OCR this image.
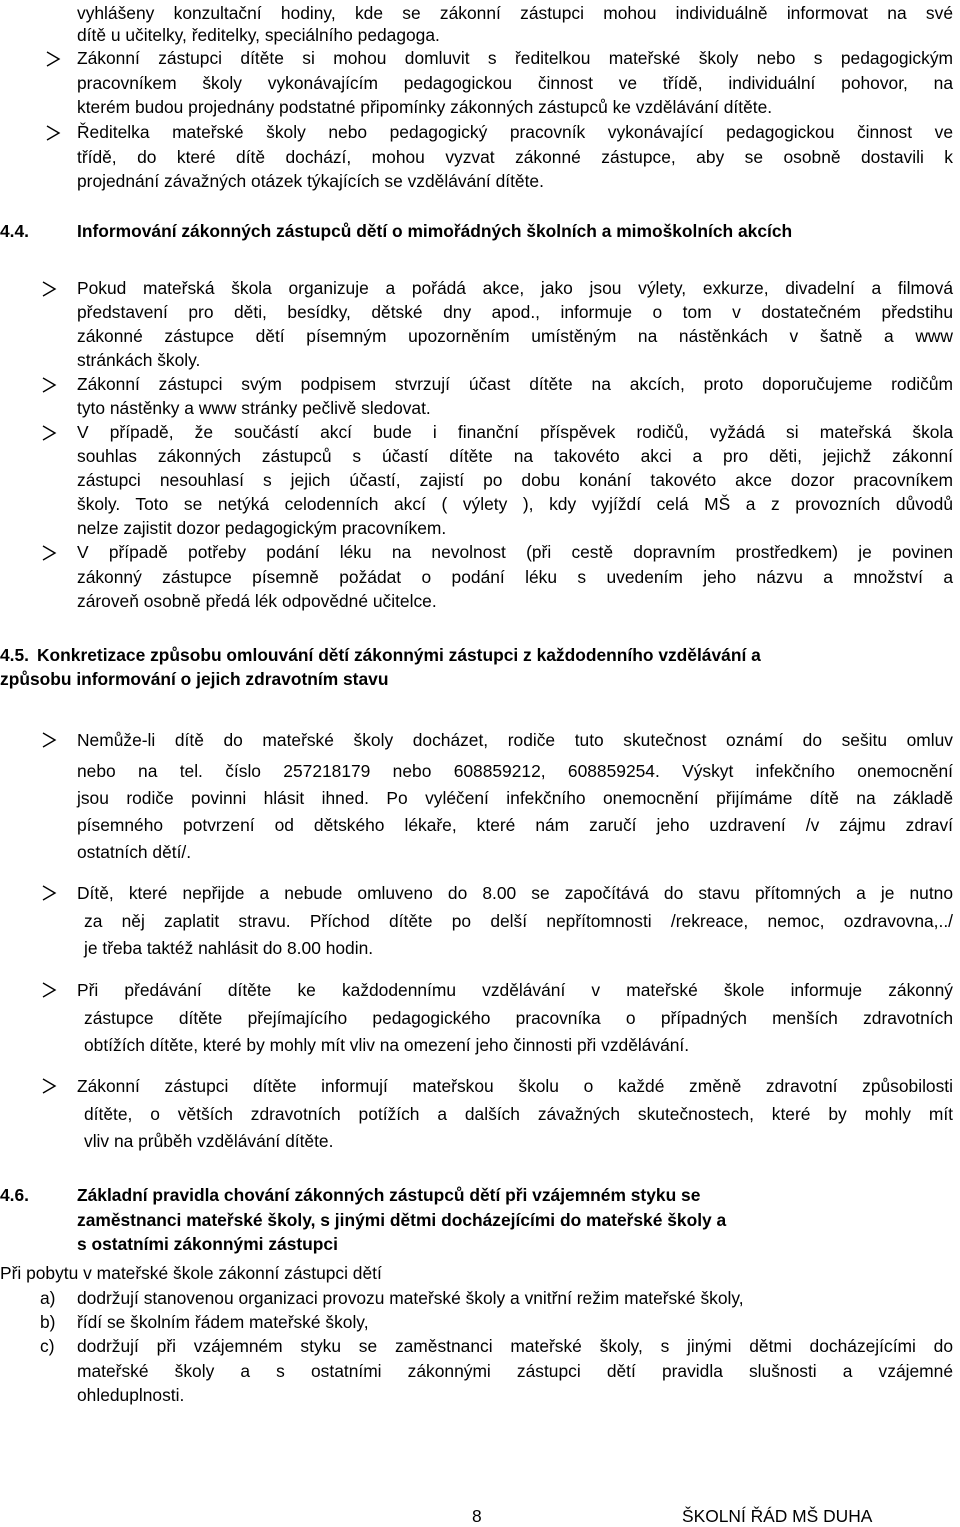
vyhlášeny konzultační hodiny, kde se zákonní zástupci mohou individuálně informovat na své
dítě u učitelky, ředitelky, speciálního pedagoga.
Zákonní zástupci dítěte si mohou domluvit s ředitelkou mateřské školy nebo s pedagogickým
pracovníkem školy vykonávajícím pedagogickou činnost ve třídě, individuální pohovor, na
kterém budou projednány podstatné připomínky zákonných zástupců ke vzdělávání dítěte.
Ředitelka mateřské školy nebo pedagogický pracovník vykonávající pedagogickou činnost ve
třídě, do které dítě dochází, mohou vyzvat zákonné zástupce, aby se osobně dostavili k
projednání závažných otázek týkajících se vzdělávání dítěte.
4.4.	Informování zákonných zástupců dětí o mimořádných školních a mimoškolních akcích
Pokud mateřská škola organizuje a pořádá akce, jako jsou výlety, exkurze, divadelní a filmová
představení pro děti, besídky, dětské dny apod., informuje o tom v dostatečném předstihu
zákonné zástupce dětí písemným upozorněním umístěným na nástěnkách v šatně a www
stránkách školy.
Zákonní zástupci svým podpisem stvrzují účast dítěte na akcích, proto doporučujeme rodičům
tyto nástěnky a www stránky pečlivě sledovat.
V případě, že součástí akcí bude i finanční příspěvek rodičů, vyžádá si mateřská škola
souhlas zákonných zástupců s účastí dítěte na takovéto akci a pro děti, jejichž zákonní
zástupci nesouhlasí s jejich účastí, zajistí po dobu konání takovéto akce dozor pracovníkem
školy. Toto se netýká celodenních akcí ( výlety ), kdy vyjíždí celá MŠ a z provozních důvodů
nelze zajistit dozor pedagogickým pracovníkem.
V případě potřeby podání léku na nevolnost (při cestě dopravním prostředkem) je povinen
zákonný zástupce písemně požádat o podání léku s uvedením jeho názvu a množství a
zároveň osobně předá lék odpovědné učitelce.
4.5. Konkretizace způsobu omlouvání dětí zákonnými zástupci z každodenního vzdělávání a
způsobu informování o jejich zdravotním stavu
Nemůže-li dítě do mateřské školy docházet, rodiče tuto skutečnost oznámí do sešitu omluv
nebo na tel. číslo 257218179 nebo 608859212, 608859254. Výskyt infekčního onemocnění
jsou rodiče povinni hlásit ihned. Po vyléčení infekčního onemocnění přijímáme dítě na základě
písemného potvrzení od dětského lékaře, které nám zaručí jeho uzdravení /v zájmu zdraví
ostatních dětí/.
Dítě, které nepřijde a nebude omluveno do 8.00 se započítává do stavu přítomných a je nutno
za něj zaplatit stravu. Příchod dítěte po delší nepřítomnosti /rekreace, nemoc, ozdravovna,../
je třeba taktéž nahlásit do 8.00 hodin.
Při předávání dítěte ke každodennímu vzdělávání v mateřské škole informuje zákonný
zástupce dítěte přejímajícího pedagogického pracovníka o případných menších zdravotních
obtížích dítěte, které by mohly mít vliv na omezení jeho činnosti při vzdělávání.
Zákonní zástupci dítěte informují mateřskou školu o každé změně zdravotní způsobilosti
dítěte, o větších zdravotních potížích a dalších závažných skutečnostech, které by mohly mít
vliv na průběh vzdělávání dítěte.
4.6.	Základní pravidla chování zákonných zástupců dětí při vzájemném styku se
zaměstnanci mateřské školy, s jinými dětmi docházejícími do mateřské školy a
s ostatními zákonnými zástupci
Při pobytu v mateřské škole zákonní zástupci dětí
a) dodržují stanovenou organizaci provozu mateřské školy a vnitřní režim mateřské školy,
b) řídí se školním řádem mateřské školy,
c) dodržují při vzájemném styku se zaměstnanci mateřské školy, s jinými dětmi docházejícími do
mateřské školy a s ostatními zákonnými zástupci dětí pravidla slušnosti a vzájemné
ohleduplnosti.
8	ŠKOLNÍ ŘÁD MŠ DUHA
